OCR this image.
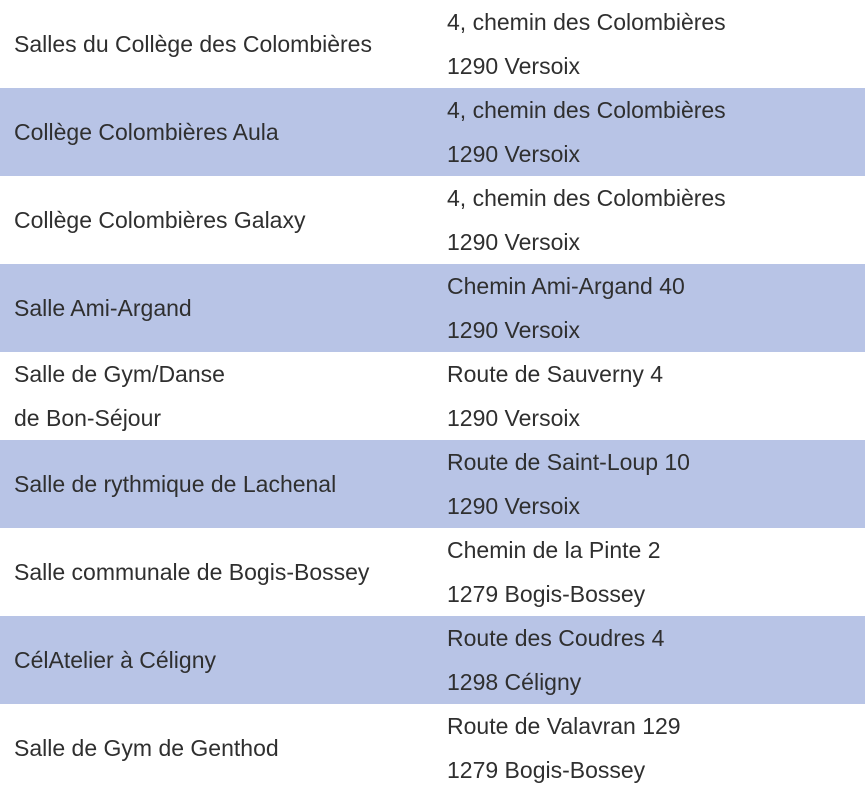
Salles du Collège des Colombières	4, chemin des Colombières
1290 Versoix

Collège Colombières Aula	4, chemin des Colombières
1290 Versoix

Collège Colombières Galaxy	4, chemin des Colombières
1290 Versoix

Salle Ami-Argand	Chemin Ami-Argand 40
1290 Versoix

Salle de Gym/Danse
de Bon-Séjour	Route de Sauverny 4
1290 Versoix

Salle de rythmique de Lachenal	Route de Saint-Loup 10
1290 Versoix

Salle communale de Bogis-Bossey	Chemin de la Pinte 2
1279 Bogis-Bossey

CélAtelier à Céligny	Route des Coudres 4
1298 Céligny

Salle de Gym de Genthod	Route de Valavran 129
1279 Bogis-Bossey
